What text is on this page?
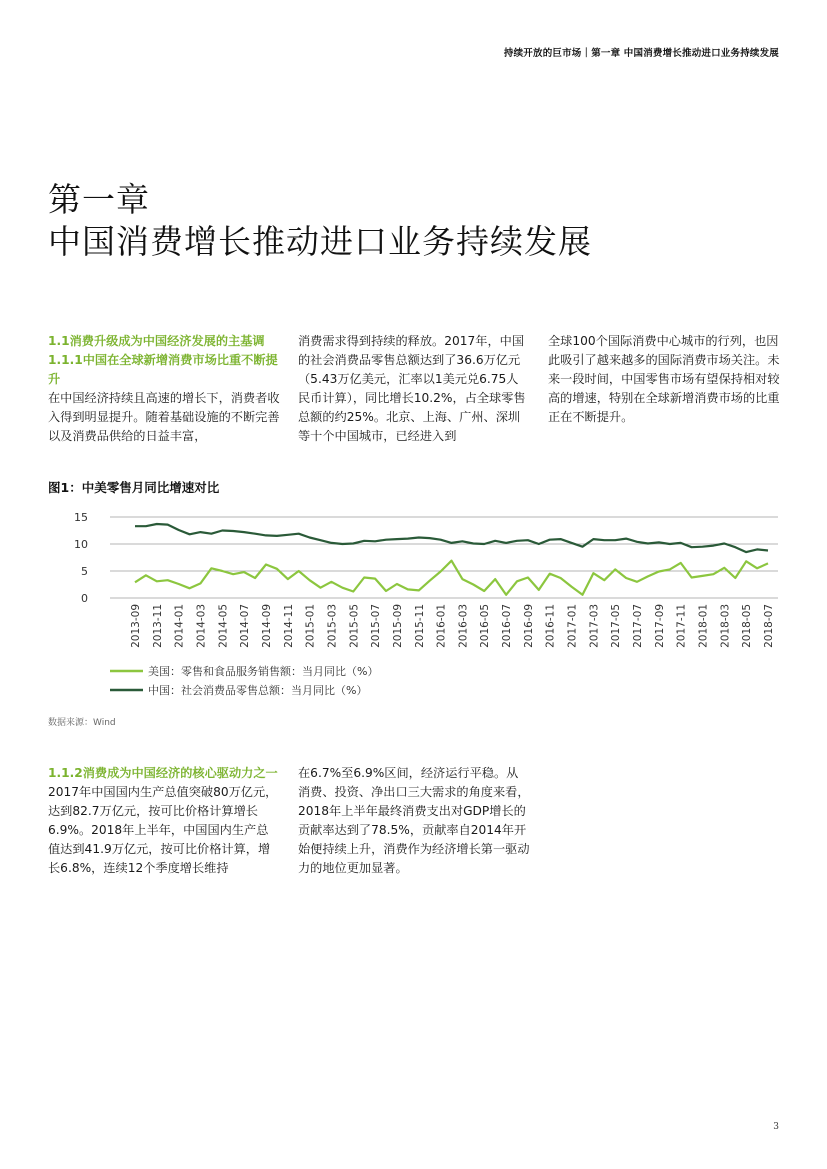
持续开放的巨市场｜第一章 中国消费增长推动进口业务持续发展
第一章
中国消费增长推动进口业务持续发展
1.1消费升级成为中国经济发展的主基调
1.1.1中国在全球新增消费市场比重不断提升
在中国经济持续且高速的增长下，消费者收入得到明显提升。随着基础设施的不断完善以及消费品供给的日益丰富，
消费需求得到持续的释放。2017年，中国的社会消费品零售总额达到了36.6万亿元（5.43万亿美元，汇率以1美元兑6.75人民币计算），同比增长10.2%，占全球零售总额的约25%。北京、上海、广州、深圳等十个中国城市，已经进入到
全球100个国际消费中心城市的行列，也因此吸引了越来越多的国际消费市场关注。未来一段时间，中国零售市场有望保持相对较高的增速，特别在全球新增消费市场的比重正在不断提升。
图1：中美零售月同比增速对比
0
5
10
15
2013-09 2013-11 2014-01 2014-03 2014-05 2014-07 2014-09 2014-11 2015-01 2015-03 2015-05 2015-07 2015-09 2015-11 2016-01 2016-03 2016-05 2016-07 2016-09 2016-11 2017-01 2017-03 2017-05 2017-07 2017-09 2017-11 2018-01 2018-03 2018-05 2018-07
美国：零售和食品服务销售额：当月同比（%）
中国：社会消费品零售总额：当月同比（%）
数据来源：Wind
1.1.2消费成为中国经济的核心驱动力之一
2017年中国国内生产总值突破80万亿元，达到82.7万亿元，按可比价格计算增长6.9%。2018年上半年，中国国内生产总值达到41.9万亿元，按可比价格计算，增长6.8%，连续12个季度增长维持
在6.7%至6.9%区间，经济运行平稳。从消费、投资、净出口三大需求的角度来看，2018年上半年最终消费支出对GDP增长的贡献率达到了78.5%，贡献率自2014年开始便持续上升，消费作为经济增长第一驱动力的地位更加显著。
3
